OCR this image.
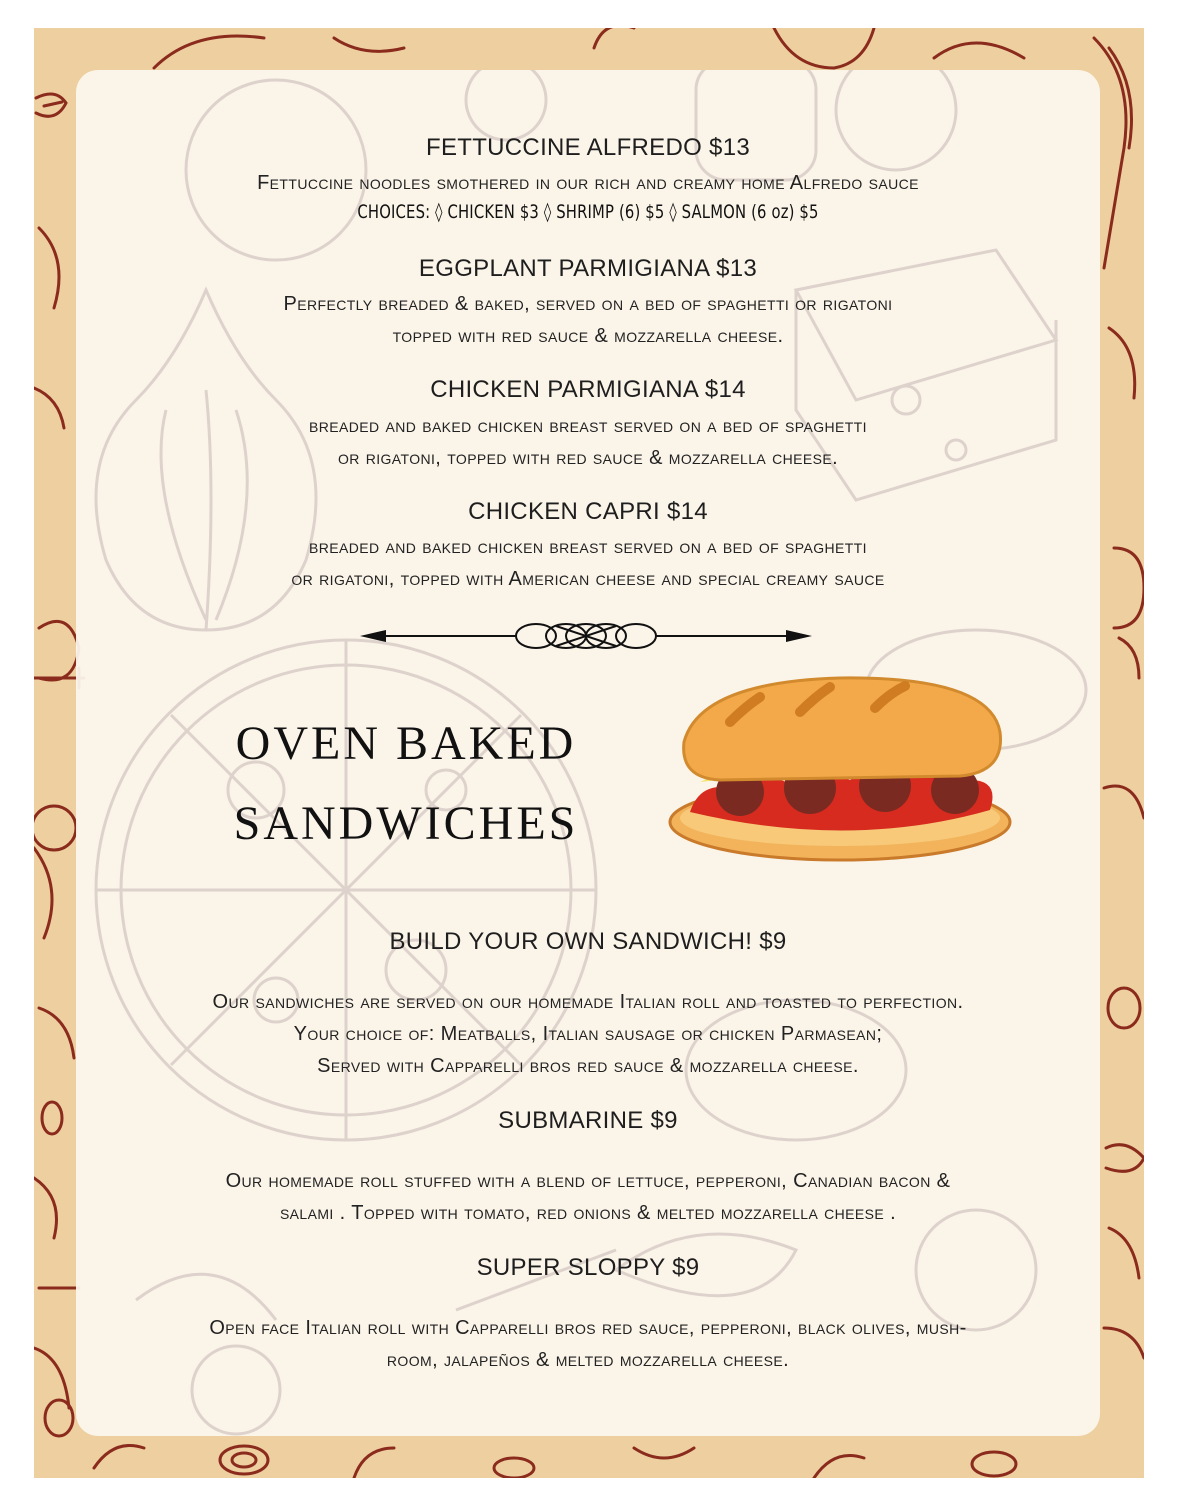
FETTUCCINE ALFREDO $13
Fettuccine noodles smothered in our rich and creamy home Alfredo sauce
CHOICES: ◊ CHICKEN $3 ◊ SHRIMP (6) $5 ◊ SALMON (6 oz) $5
EGGPLANT PARMIGIANA $13
Perfectly breaded & baked, served on a bed of spaghetti or rigatoni
topped with red sauce & mozzarella cheese.
CHICKEN PARMIGIANA $14
breaded and baked chicken breast served on a bed of spaghetti
or rigatoni, topped with red sauce & mozzarella cheese.
CHICKEN CAPRI $14
breaded and baked chicken breast served on a bed of spaghetti
or rigatoni, topped with American cheese and special creamy sauce
OVEN BAKED
SANDWICHES
BUILD YOUR OWN SANDWICH! $9
Our sandwiches are served on our homemade Italian roll and toasted to perfection.
Your choice of: Meatballs, Italian sausage or chicken Parmasean;
Served with Capparelli bros red sauce & mozzarella cheese.
SUBMARINE $9
Our homemade roll stuffed with a blend of lettuce, pepperoni, Canadian bacon &
salami . Topped with tomato, red onions & melted mozzarella cheese .
SUPER SLOPPY $9
Open face Italian roll with Capparelli bros red sauce, pepperoni, black olives, mush-
room, jalapeños & melted mozzarella cheese.
